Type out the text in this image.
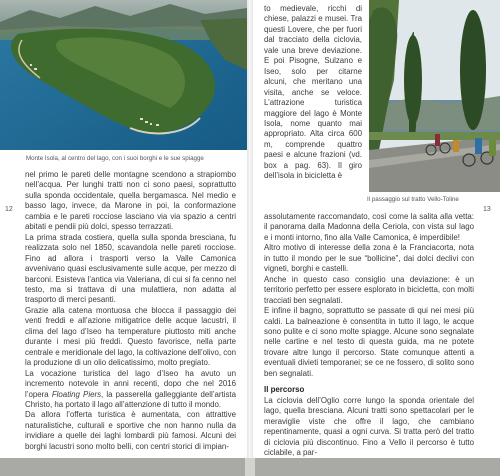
Monte Isola, al centro del lago, con i suoi borghi e le sue spiagge
12

nel primo le pareti delle montagne scendono a strapiombo nell’acqua. Per lunghi tratti non ci sono paesi, soprattutto sulla sponda occidentale, quella bergamasca. Nel medio e basso lago, invece, da Marone in poi, la conformazione cambia e le pareti rocciose lasciano via via spazio a centri abitati e pendii più dolci, spesso terrazzati.
La prima strada costiera, quella sulla sponda bresciana, fu realizzata solo nel 1850, scavandola nelle pareti rocciose. Fino ad allora i trasporti verso la Valle Camonica avvenivano quasi esclusivamente sulle acque, per mezzo di barconi. Esisteva l’antica via Valeriana, di cui si fa cenno nel testo, ma si trattava di una mulattiera, non adatta al trasporto di merci pesanti.
Grazie alla catena montuosa che blocca il passaggio dei venti freddi e all’azione mitigatrice delle acque lacustri, il clima del lago d’Iseo ha temperature piuttosto miti anche durante i mesi più freddi. Questo favorisce, nella parte centrale e meridionale del lago, la coltivazione dell’olivo, con la produzione di un olio delicatissimo, molto pregiato.
La vocazione turistica del lago d’Iseo ha avuto un incremento notevole in anni recenti, dopo che nel 2016 l’opera Floating Piers, la passerella galleggiante dell’artista Christo, ha portato il lago all’attenzione di tutto il mondo.
Da allora l’offerta turistica è aumentata, con attrattive naturalistiche, culturali e sportive che non hanno nulla da invidiare a quelle dei laghi lombardi più famosi. Alcuni dei borghi lacustri sono molto belli, con centri storici di impian-

13
to medievale, ricchi di chiese, palazzi e musei. Tra questi Lovere, che per fuori dal tracciato della ciclovia, vale una breve deviazione. E poi Pisogne, Sulzano e Iseo, solo per citarne alcuni, che meritano una visita, anche se veloce. L’attrazione turistica maggiore del lago è Monte Isola, nome quanto mai appropriato. Alta circa 600 m, comprende quattro paesi e alcune frazioni (vd. box a pag. 63). Il giro dell’isola in bicicletta è
Il passaggio sul tratto Vello-Toline

assolutamente raccomandato, così come la salita alla vetta: il panorama dalla Madonna della Ceriola, con vista sul lago e i monti intorno, fino alla Valle Camonica, è imperdibile!

Altro motivo di interesse della zona è la Franciacorta, nota in tutto il mondo per le sue “bollicine”, dai dolci declivi con vigneti, borghi e castelli.

Anche in questo caso consiglio una deviazione: è un territorio perfetto per essere esplorato in bicicletta, con molti tracciati ben segnalati.

E infine il bagno, soprattutto se passate di qui nei mesi più caldi. La balneazione è consentita in tutto il lago, le acque sono pulite e ci sono molte spiagge. Alcune sono segnalate nelle cartine e nel testo di questa guida, ma ne potete trovare altre lungo il percorso. State comunque attenti a eventuali divieti temporanei; se ce ne fossero, di solito sono ben segnalati.

Il percorso

La ciclovia dell’Oglio corre lungo la sponda orientale del lago, quella bresciana. Alcuni tratti sono spettacolari per le meraviglie viste che offre il lago, che cambiano repentinamente, quasi a ogni curva. Si tratta però del tratto di ciclovia più discontinuo. Fino a Vello il percorso è tutto ciclabile, a par-
